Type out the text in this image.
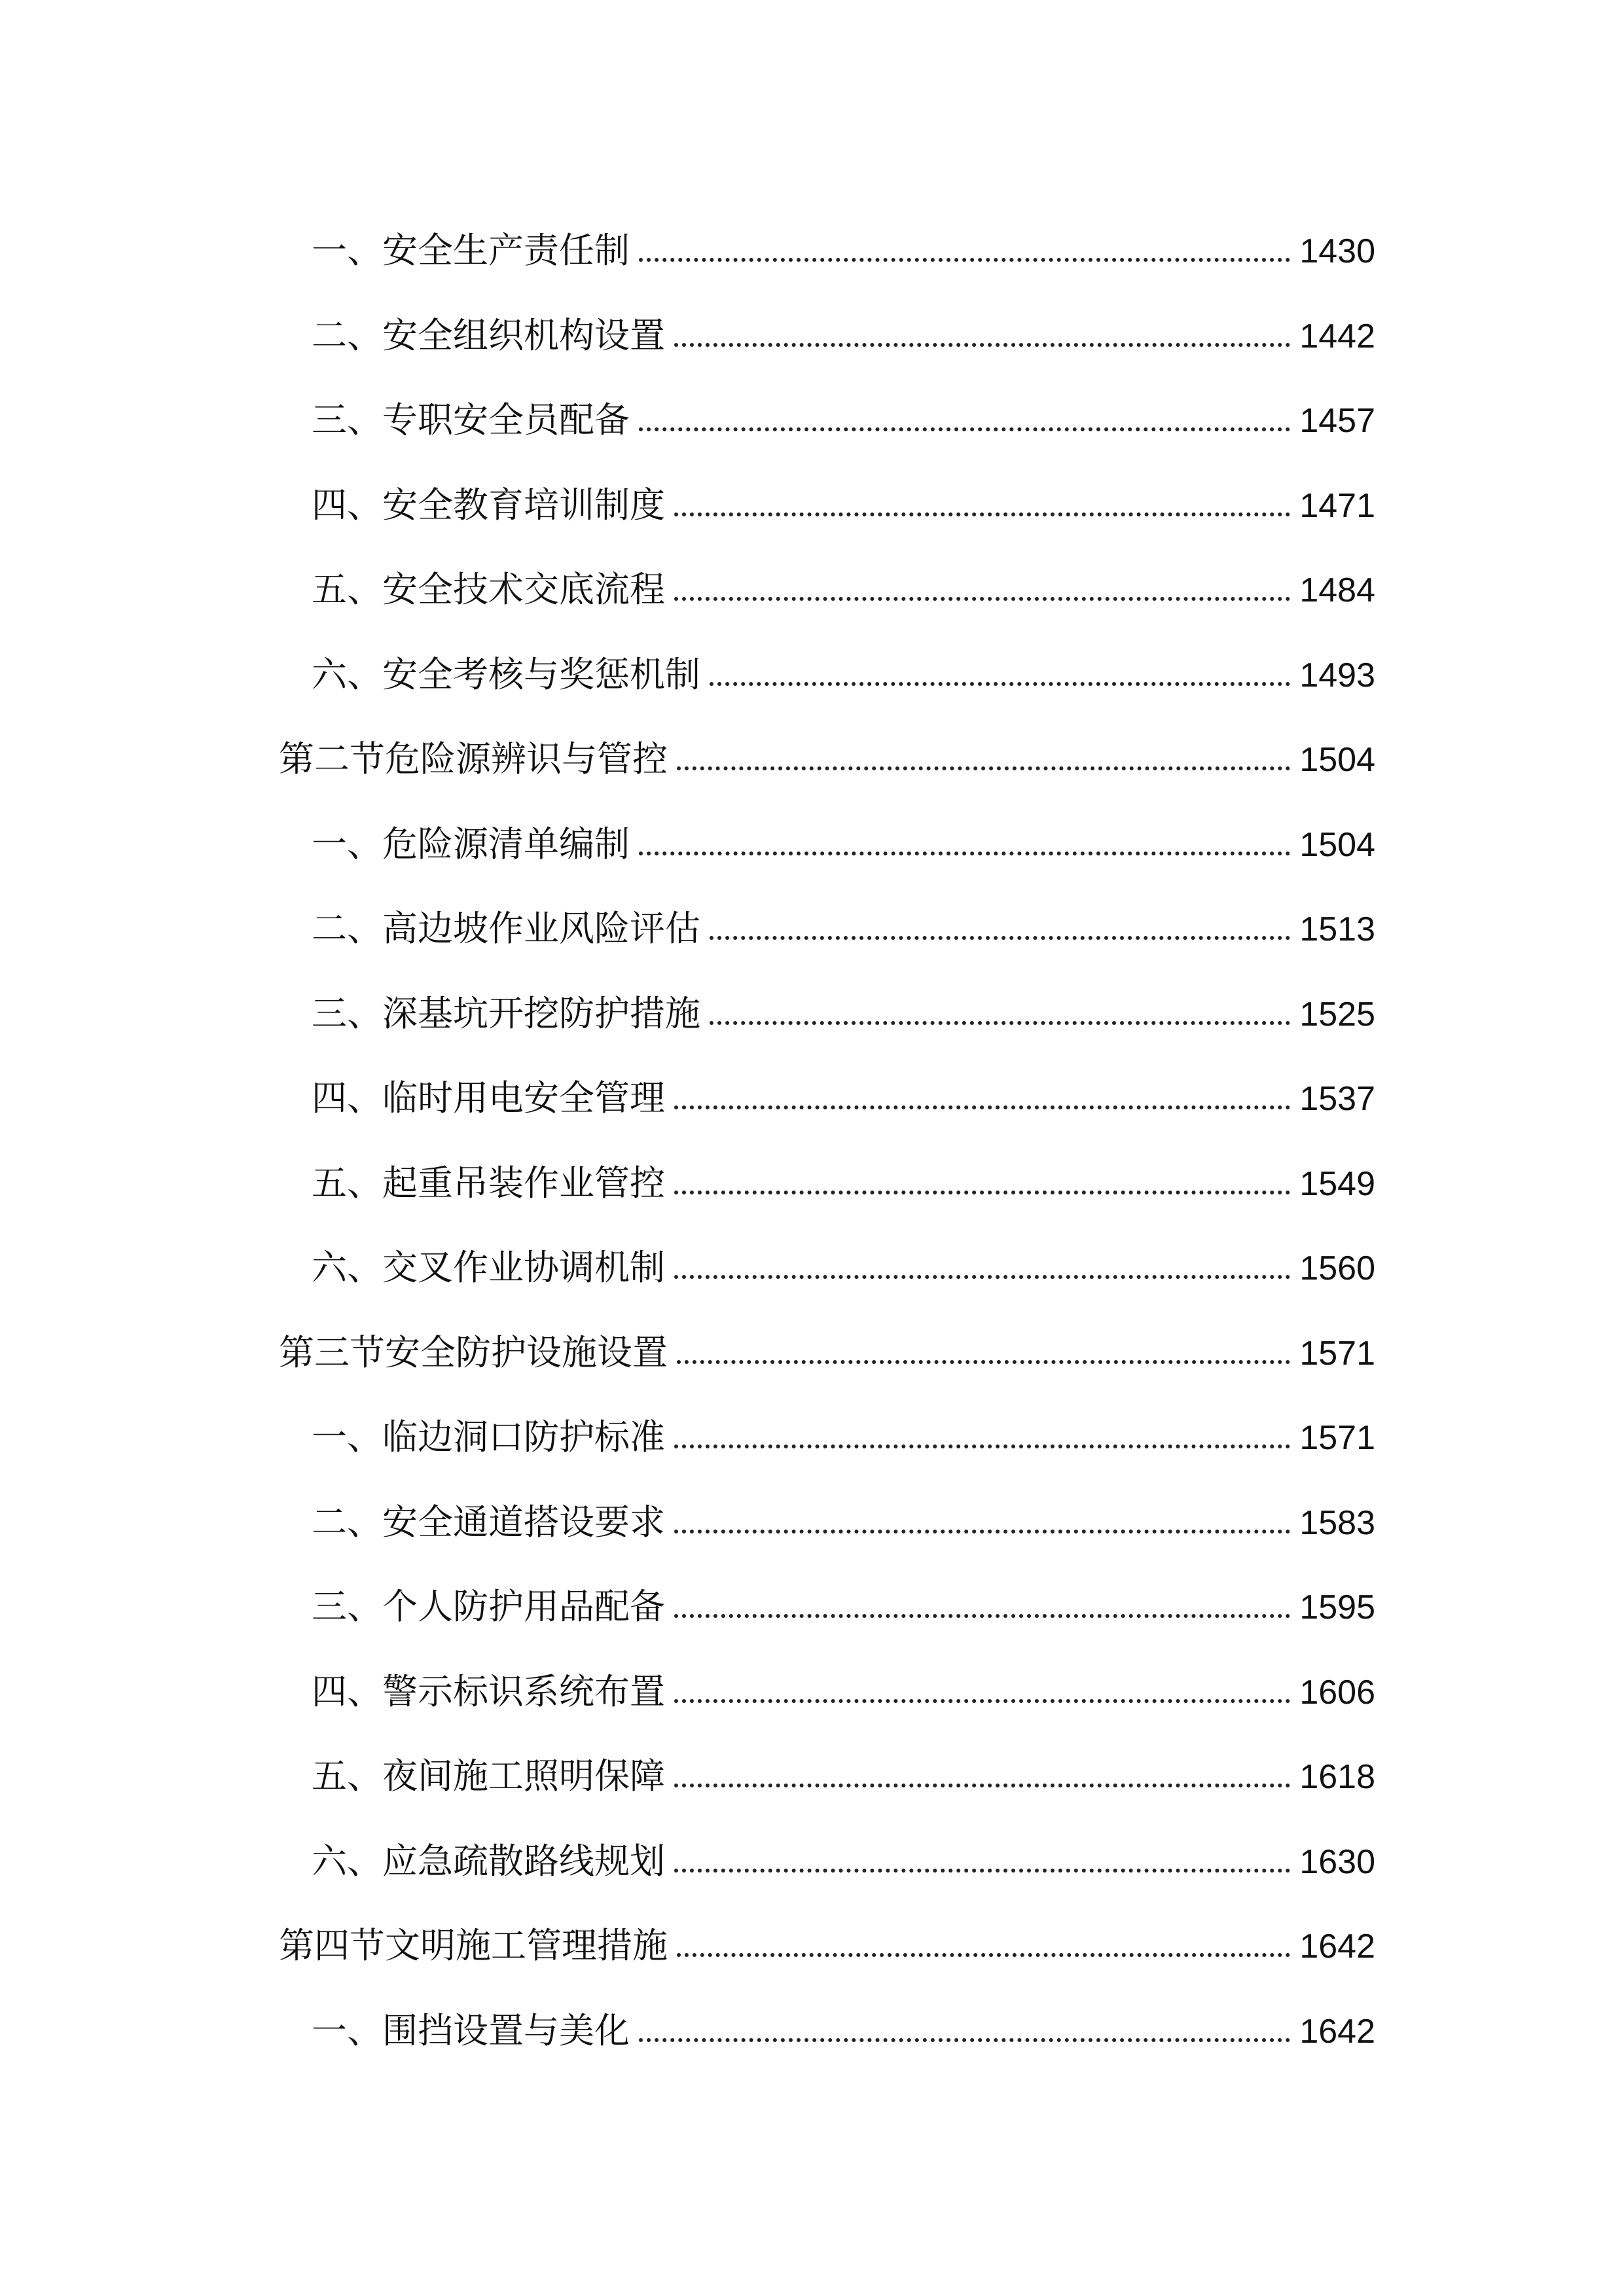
一、安全生产责任制	1430
二、安全组织机构设置	1442
三、专职安全员配备	1457
四、安全教育培训制度	1471
五、安全技术交底流程	1484
六、安全考核与奖惩机制	1493
第二节危险源辨识与管控	1504
一、危险源清单编制	1504
二、高边坡作业风险评估	1513
三、深基坑开挖防护措施	1525
四、临时用电安全管理	1537
五、起重吊装作业管控	1549
六、交叉作业协调机制	1560
第三节安全防护设施设置	1571
一、临边洞口防护标准	1571
二、安全通道搭设要求	1583
三、个人防护用品配备	1595
四、警示标识系统布置	1606
五、夜间施工照明保障	1618
六、应急疏散路线规划	1630
第四节文明施工管理措施	1642
一、围挡设置与美化	1642
